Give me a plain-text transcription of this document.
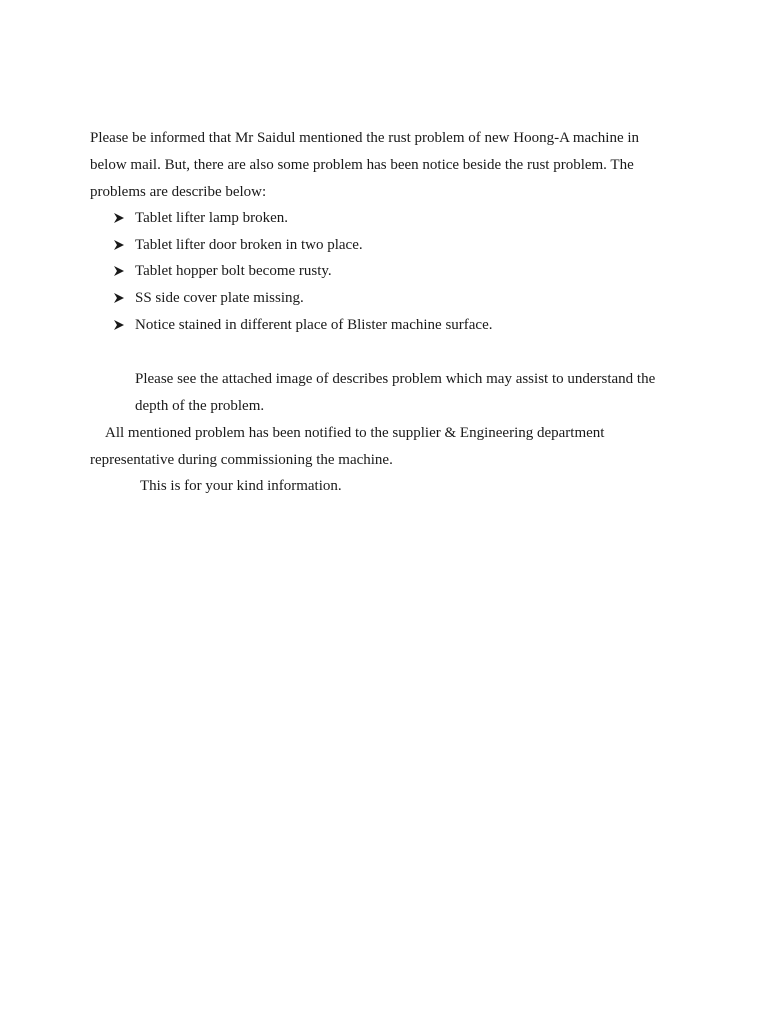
Please be informed that Mr Saidul mentioned the rust problem of new Hoong-A machine in
below mail. But, there are also some problem has been notice beside the rust problem. The
problems are describe below:
Tablet lifter lamp broken.
Tablet lifter door broken in two place.
Tablet hopper bolt become rusty.
SS side cover plate missing.
Notice stained in different place of Blister machine surface.
Please see the attached image of describes problem which may assist to understand the
depth of the problem.
All mentioned problem has been notified to the supplier & Engineering department
representative during commissioning the machine.
This is for your kind information.
